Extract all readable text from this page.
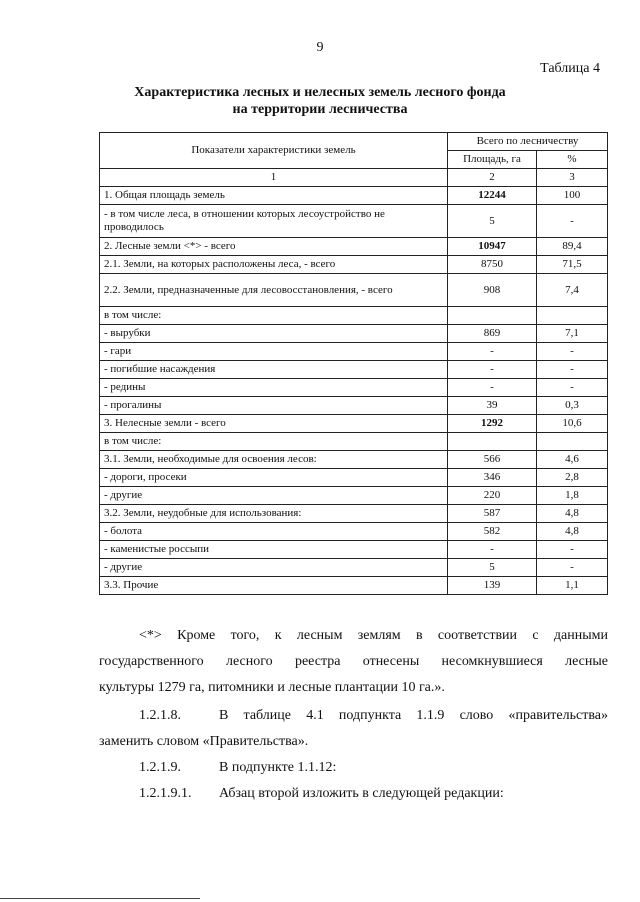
9
Таблица 4
Характеристика лесных и нелесных земель лесного фонда
на территории лесничества
Показатели характеристики земель	Всего по лесничеству	
	Площадь, га	%
1	2	3
1. Общая площадь земель	12244	100
- в том числе леса, в отношении которых лесоустройство не проводилось	5	-
2. Лесные земли <*> - всего	10947	89,4
2.1. Земли, на которых расположены леса, - всего	8750	71,5
2.2. Земли, предназначенные для лесовосстановления, - всего	908	7,4
в том числе:		
- вырубки	869	7,1
- гари	-	-
- погибшие насаждения	-	-
- редины	-	-
- прогалины	39	0,3
3. Нелесные земли - всего	1292	10,6
в том числе:		
3.1. Земли, необходимые для освоения лесов:	566	4,6
- дороги, просеки	346	2,8
- другие	220	1,8
3.2. Земли, неудобные для использования:	587	4,8
- болота	582	4,8
- каменистые россыпи	-	-
- другие	5	-
3.3. Прочие	139	1,1
<*> Кроме того, к лесным землям в соответствии с данными
государственного лесного реестра отнесены несомкнувшиеся лесные
культуры 1279 га, питомники и лесные плантации 10 га.».
1.2.1.8.	В таблице 4.1 подпункта 1.1.9 слово «правительства»
заменить словом «Правительства».
1.2.1.9.	В подпункте 1.1.12:
1.2.1.9.1. Абзац второй изложить в следующей редакции:
